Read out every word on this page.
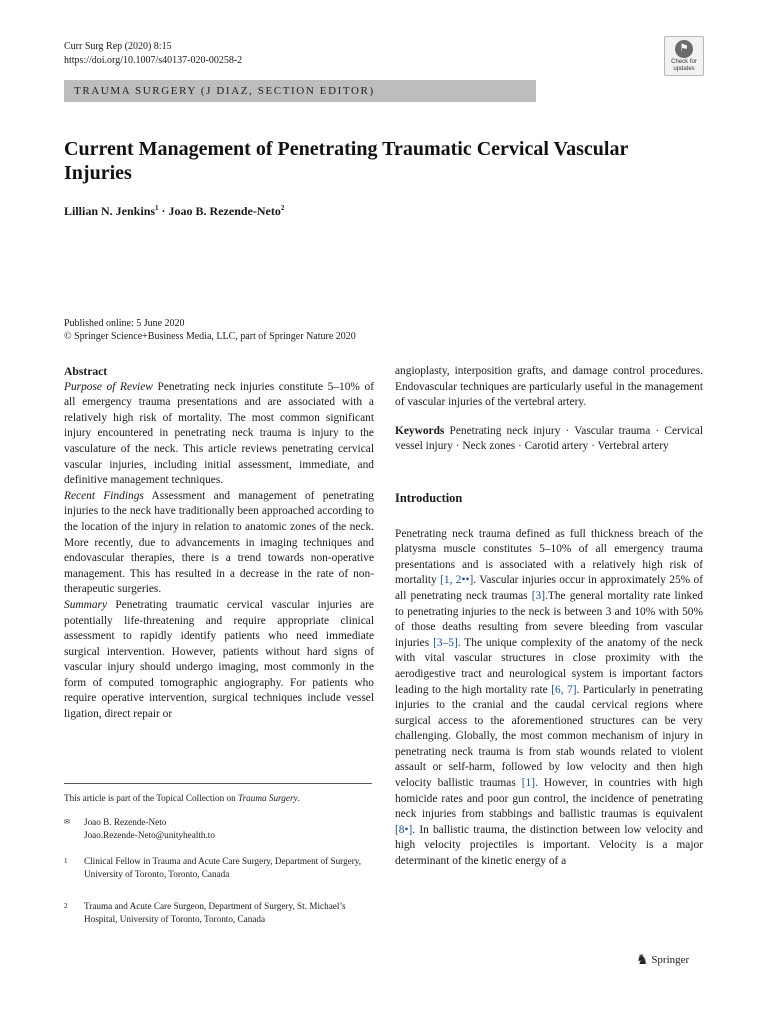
Curr Surg Rep (2020) 8:15
https://doi.org/10.1007/s40137-020-00258-2
⚑
Check for updates
TRAUMA SURGERY (J DIAZ, SECTION EDITOR)
Current Management of Penetrating Traumatic Cervical Vascular Injuries
Lillian N. Jenkins$^1$ · Joao B. Rezende-Neto$^2$
Published online: 5 June 2020
© Springer Science+Business Media, LLC, part of Springer Nature 2020

Abstract

Purpose of Review Penetrating neck injuries constitute 5–10% of all emergency trauma presentations and are associated with a relatively high risk of mortality. The most common significant injury encountered in penetrating neck trauma is injury to the vasculature of the neck. This article reviews penetrating cervical vascular injuries, including initial assessment, immediate, and definitive management techniques.

Recent Findings Assessment and management of penetrating injuries to the neck have traditionally been approached according to the location of the injury in relation to anatomic zones of the neck. More recently, due to advancements in imaging techniques and endovascular therapies, there is a trend towards non-operative management. This has resulted in a decrease in the rate of non-therapeutic surgeries.

Summary Penetrating traumatic cervical vascular injuries are potentially life-threatening and require appropriate clinical assessment to rapidly identify patients who need immediate surgical intervention. However, patients without hard signs of vascular injury should undergo imaging, most commonly in the form of computed tomographic angiography. For patients who require operative intervention, surgical techniques include vessel ligation, direct repair or

This article is part of the Topical Collection on Trauma Surgery.
✉ Joao B. Rezende-Neto
Joao.Rezende-Neto@unityhealth.to
1 Clinical Fellow in Trauma and Acute Care Surgery, Department of Surgery, University of Toronto, Toronto, Canada
2 Trauma and Acute Care Surgeon, Department of Surgery, St. Michael’s Hospital, University of Toronto, Toronto, Canada

angioplasty, interposition grafts, and damage control procedures. Endovascular techniques are particularly useful in the management of vascular injuries of the vertebral artery.

Keywords Penetrating neck injury · Vascular trauma · Cervical vessel injury · Neck zones · Carotid artery · Vertebral artery

Introduction

Penetrating neck trauma defined as full thickness breach of the platysma muscle constitutes 5–10% of all emergency trauma presentations and is associated with a relatively high risk of mortality [1, 2••]. Vascular injuries occur in approximately 25% of all penetrating neck traumas [3].The general mortality rate linked to penetrating injuries to the neck is between 3 and 10% with 50% of those deaths resulting from severe bleeding from vascular injuries [3–5]. The unique complexity of the anatomy of the neck with vital vascular structures in close proximity with the aerodigestive tract and neurological system is important factors leading to the high mortality rate [6, 7]. Particularly in penetrating injuries to the cranial and the caudal cervical regions where surgical access to the aforementioned structures can be very challenging. Globally, the most common mechanism of injury in penetrating neck trauma is from stab wounds related to violent assault or self-harm, followed by low velocity and then high velocity ballistic traumas [1]. However, in countries with high homicide rates and poor gun control, the incidence of penetrating neck injuries from stabbings and ballistic traumas is equivalent [8•]. In ballistic trauma, the distinction between low velocity and high velocity projectiles is important. Velocity is a major determinant of the kinetic energy of a

♞ Springer
